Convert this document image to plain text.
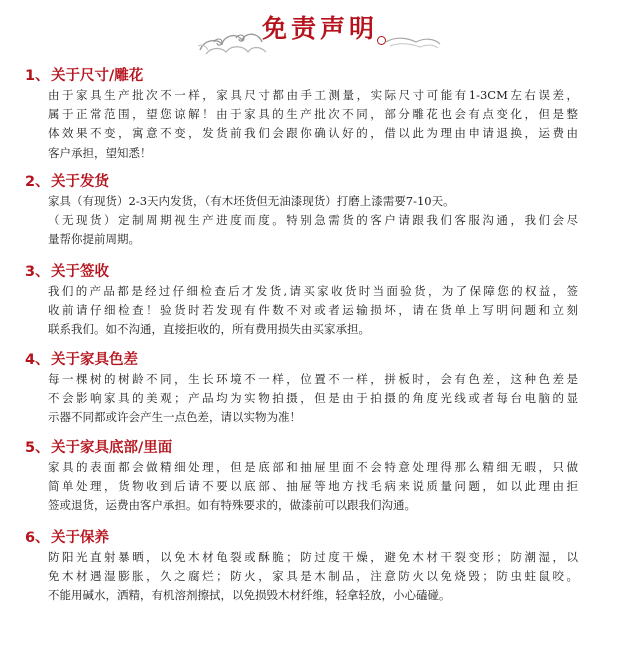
免责声明
1、关于尺寸/雕花
由于家具生产批次不一样，家具尺寸都由手工测量，实际尺寸可能有1-3CM左右误差，
属于正常范围，望您谅解！由于家具的生产批次不同，部分雕花也会有点变化，但是整
体效果不变，寓意不变，发货前我们会跟你确认好的，借以此为理由申请退换，运费由
客户承担，望知悉！
2、关于发货
家具（有现货）2-3天内发货，（有木坯货但无油漆现货）打磨上漆需要7-10天。
（无现货）定制周期视生产进度而度。特别急需货的客户请跟我们客服沟通，我们会尽
量帮你提前周期。
3、关于签收
我们的产品都是经过仔细检查后才发货,请买家收货时当面验货，为了保障您的权益，签
收前请仔细检查！验货时若发现有件数不对或者运输损坏，请在货单上写明问题和立刻
联系我们。如不沟通，直接拒收的，所有费用损失由买家承担。
4、关于家具色差
每一棵树的树龄不同，生长环境不一样，位置不一样，拼板时，会有色差，这种色差是
不会影响家具的美观；产品均为实物拍摄，但是由于拍摄的角度光线或者每台电脑的显
示器不同都或许会产生一点色差，请以实物为准！
5、关于家具底部/里面
家具的表面都会做精细处理，但是底部和抽屉里面不会特意处理得那么精细无暇，只做
简单处理，货物收到后请不要以底部、抽屉等地方找毛病来说质量问题，如以此理由拒
签或退货，运费由客户承担。如有特殊要求的，做漆前可以跟我们沟通。
6、关于保养
防阳光直射暴晒，以免木材龟裂或酥脆；防过度干燥，避免木材干裂变形；防潮湿，以
免木材遇湿膨胀，久之腐烂；防火，家具是木制品，注意防火以免烧毁；防虫蛀鼠咬。
不能用碱水，洒精，有机溶剂擦拭，以免损毁木材纤维，轻拿轻放，小心磕碰。
